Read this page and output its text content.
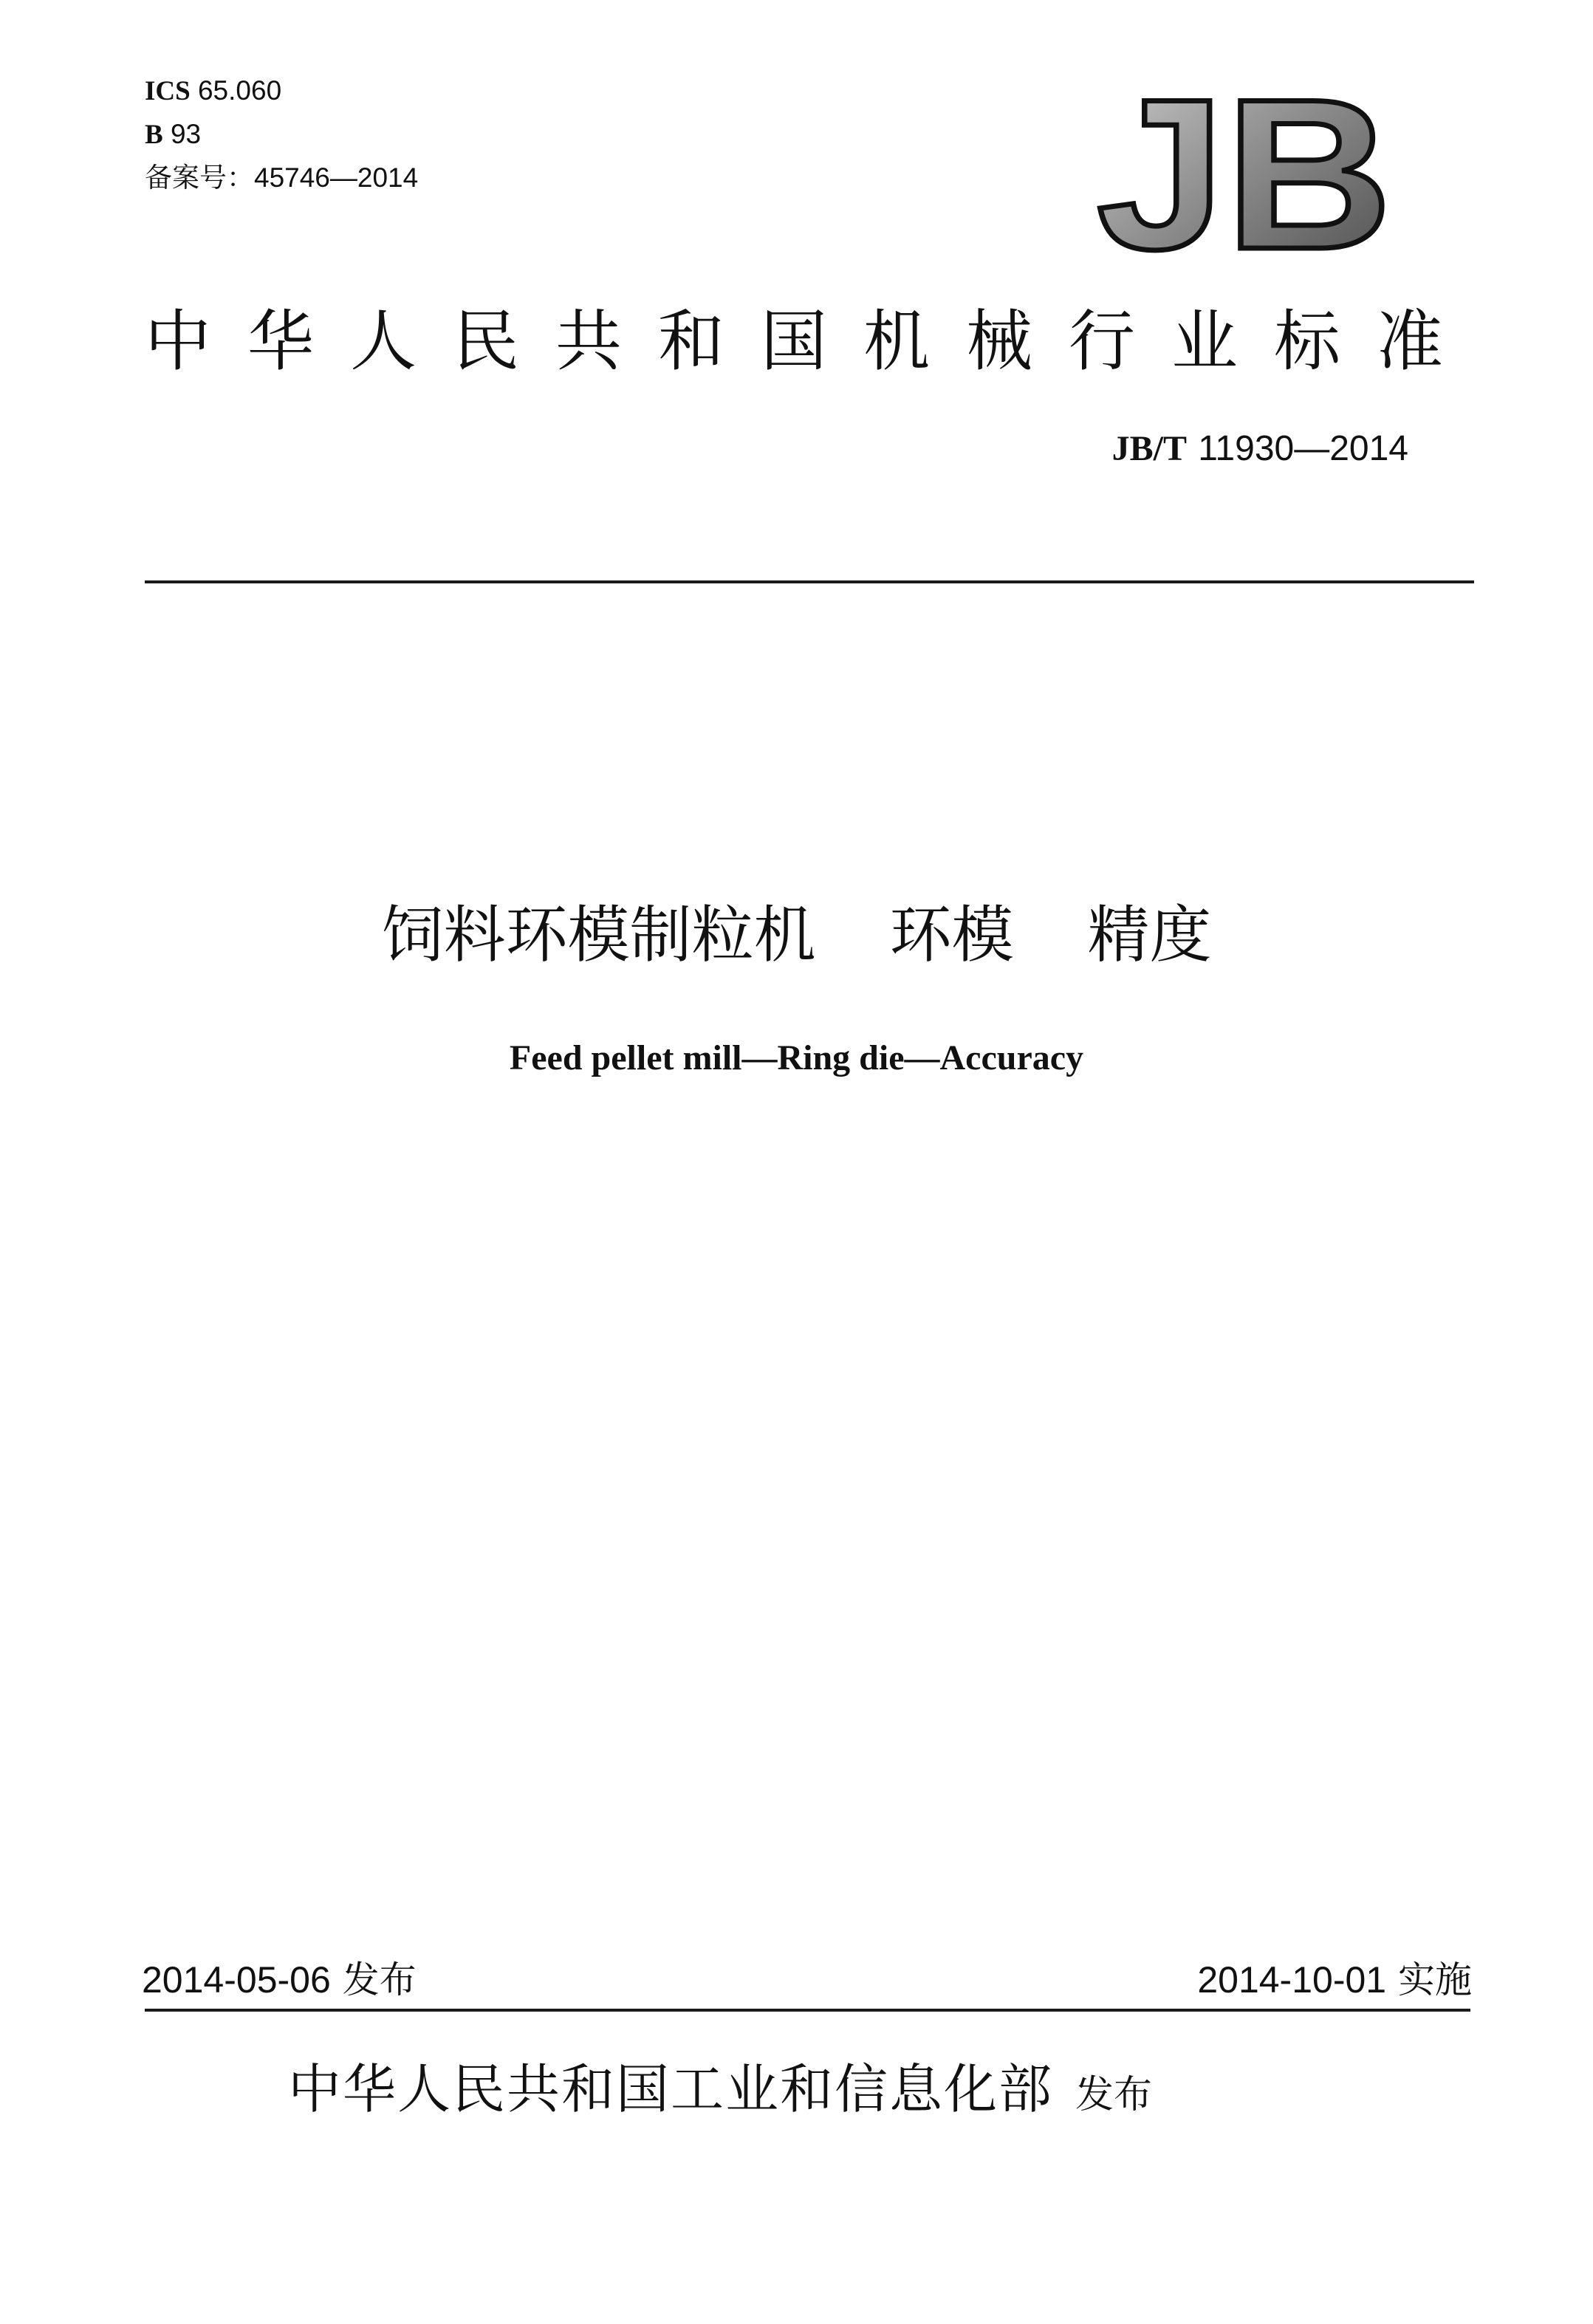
ICS 65.060
B 93
备案号：45746—2014	JB
中华人民共和国机械行业标准
JB/T 11930—2014
饲料环模制粒机 环模 精度
Feed pellet mill—Ring die—Accuracy
2014-05-06 发布	2014-10-01 实施
中华人民共和国工业和信息化部 发布
